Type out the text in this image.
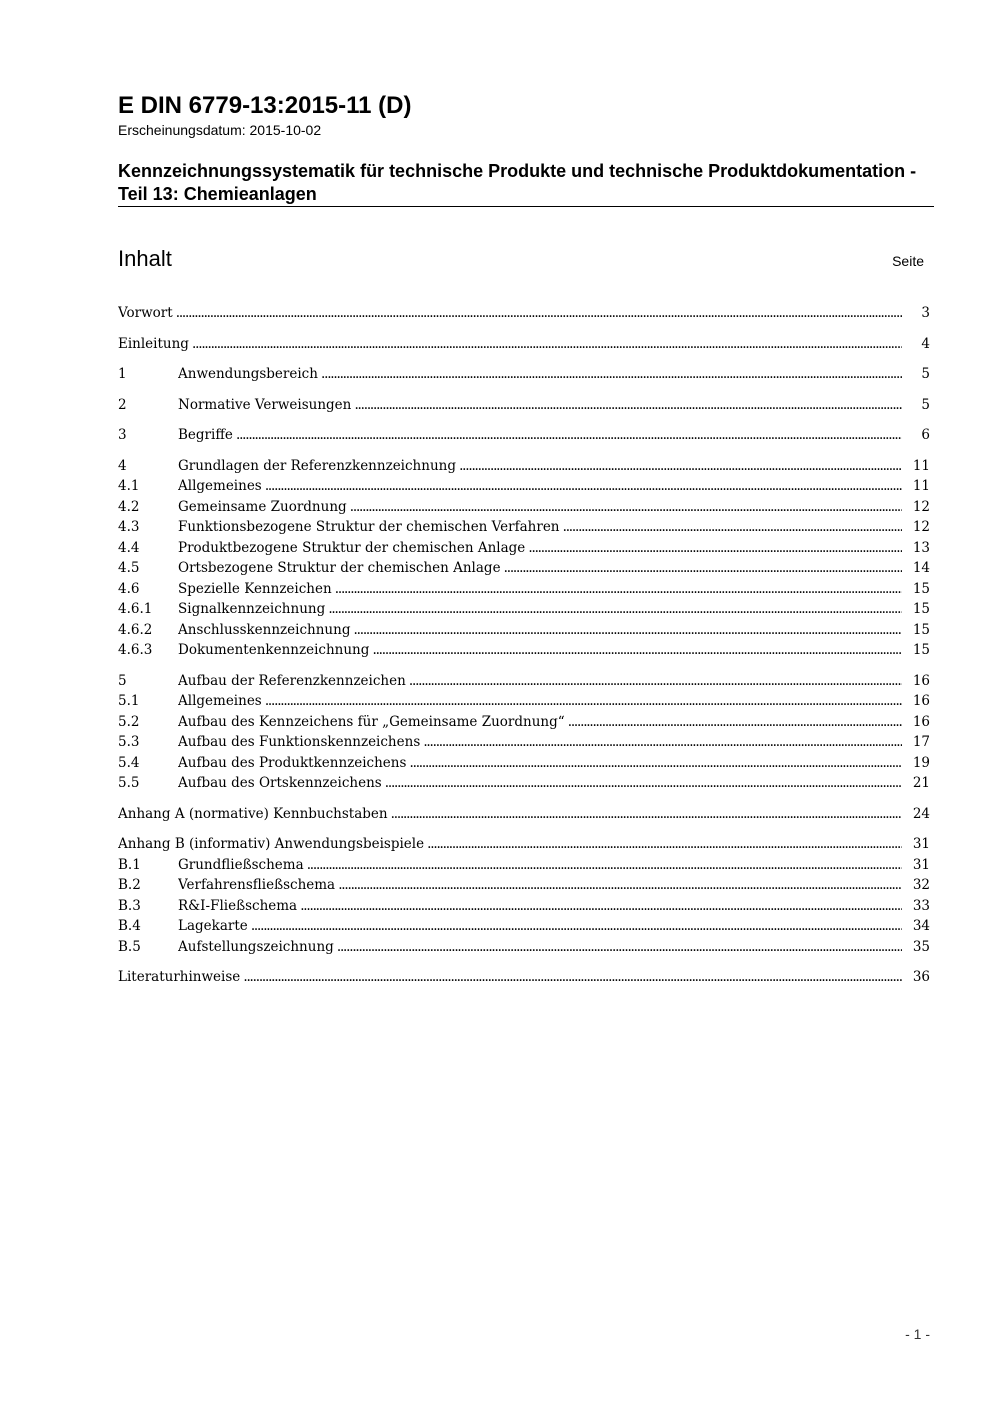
E DIN 6779-13:2015-11 (D)
Erscheinungsdatum: 2015-10-02
Kennzeichnungssystematik für technische Produkte und technische Produktdokumentation - Teil 13: Chemieanlagen
Inhalt	Seite
Vorwort .....	3
Einleitung .....	4
1	Anwendungsbereich .....	5
2	Normative Verweisungen .....	5
3	Begriffe .....	6
4	Grundlagen der Referenzkennzeichnung .....	11
4.1	Allgemeines .....	11
4.2	Gemeinsame Zuordnung .....	12
4.3	Funktionsbezogene Struktur der chemischen Verfahren .....	12
4.4	Produktbezogene Struktur der chemischen Anlage .....	13
4.5	Ortsbezogene Struktur der chemischen Anlage .....	14
4.6	Spezielle Kennzeichen .....	15
4.6.1 Signalkennzeichnung .....	15
4.6.2 Anschlusskennzeichnung .....	15
4.6.3 Dokumentenkennzeichnung .....	15
5	Aufbau der Referenzkennzeichen .....	16
5.1	Allgemeines .....	16
5.2	Aufbau des Kennzeichens für „Gemeinsame Zuordnung“ .....	16
5.3	Aufbau des Funktionskennzeichens .....	17
5.4	Aufbau des Produktkennzeichens .....	19
5.5	Aufbau des Ortskennzeichens .....	21
Anhang A (normative) Kennbuchstaben .....	24
Anhang B (informativ) Anwendungsbeispiele .....	31
B.1	Grundfließschema .....	31
B.2	Verfahrensfließschema .....	32
B.3	R&I-Fließschema .....	33
B.4	Lagekarte .....	34
B.5	Aufstellungszeichnung .....	35
Literaturhinweise .....	36
- 1 -
